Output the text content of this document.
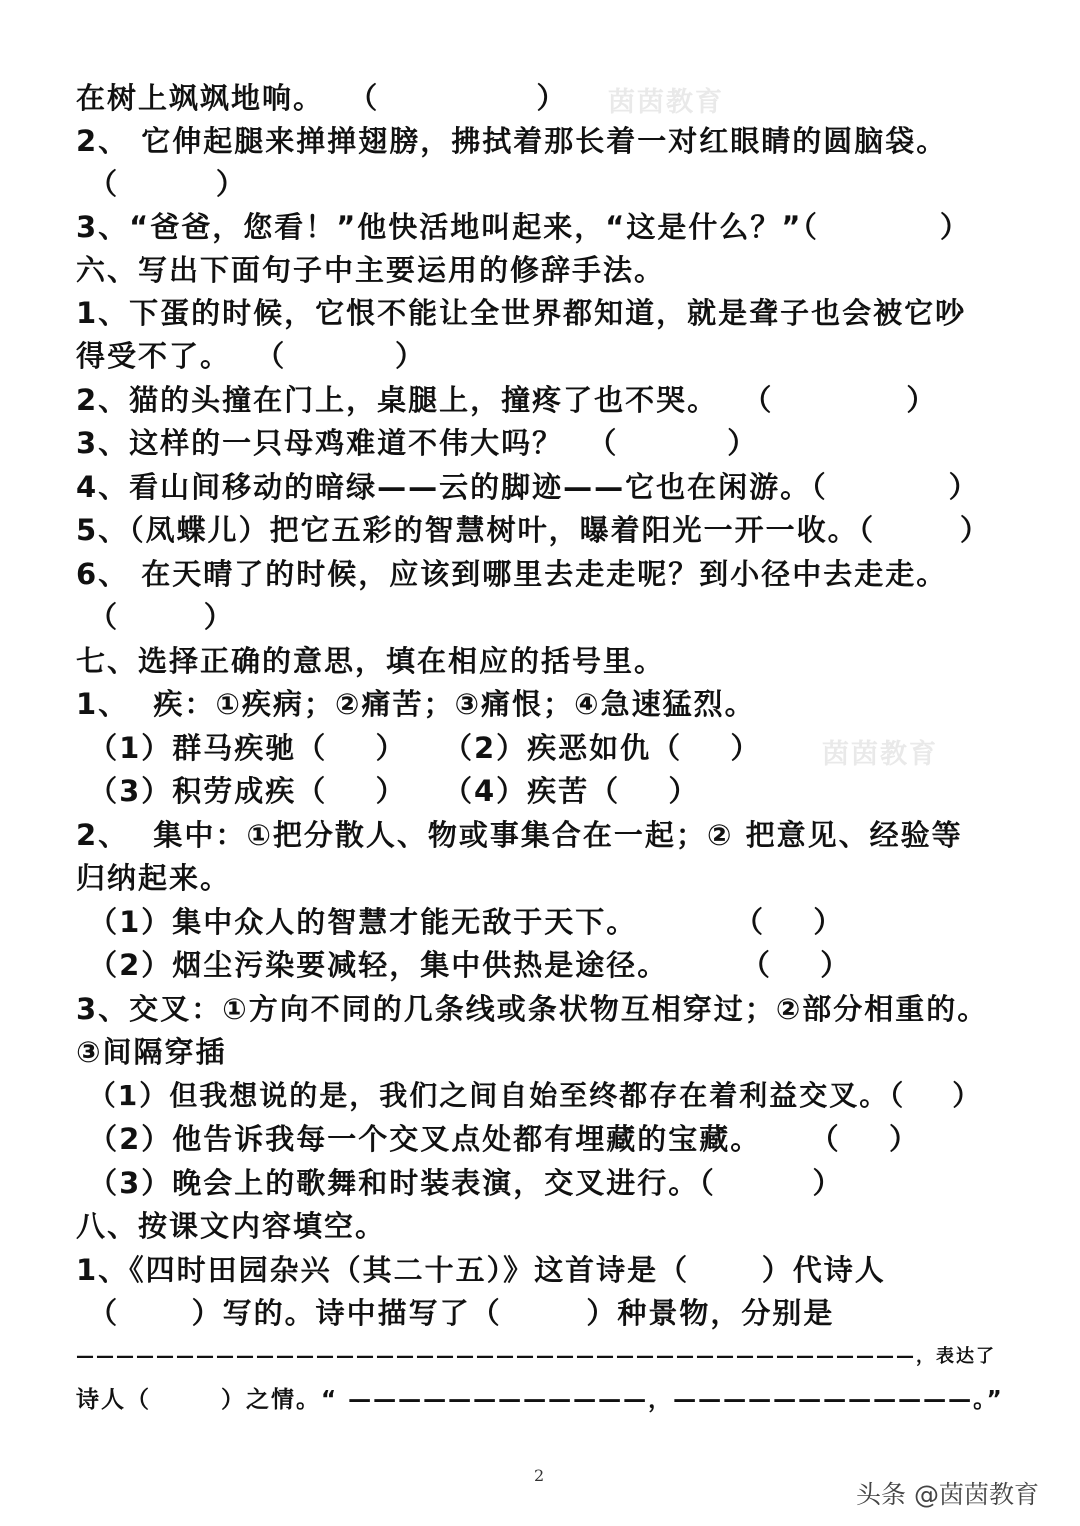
茵茵教育
茵茵教育
在树上飒飒地响。  （             ）
2、 它伸起腿来掸掸翅膀，拂拭着那长着一对红眼睛的圆脑袋。
（        ）
3、“爸爸，您看！”他快活地叫起来，“这是什么？”（          ）
六、写出下面句子中主要运用的修辞手法。
1、下蛋的时候，它恨不能让全世界都知道，就是聋子也会被它吵
得受不了。  （         ）
2、猫的头撞在门上，桌腿上，撞疼了也不哭。  （           ）
3、这样的一只母鸡难道不伟大吗？  （         ）
4、看山间移动的暗绿——云的脚迹——它也在闲游。（          ）
5、（凤蝶儿）把它五彩的智慧树叶，曝着阳光一开一收。（       ）
6、 在天晴了的时候，应该到哪里去走走呢？到小径中去走走。
（       ）
七、选择正确的意思，填在相应的括号里。
1、  疾：①疾病；②痛苦；③痛恨；④急速猛烈。
（1）群马疾驰（    ）   （2）疾恶如仇（    ）
（3）积劳成疾（    ）   （4）疾苦（    ）
2、  集中：①把分散人、物或事集合在一起；② 把意见、经验等
归纳起来。
（1）集中众人的智慧才能无敌于天下。        （    ）
（2）烟尘污染要减轻，集中供热是途径。      （    ）
3、交叉：①方向不同的几条线或条状物互相穿过；②部分相重的。
③间隔穿插
（1）但我想说的是，我们之间自始至终都存在着利益交叉。（    ）
（2）他告诉我每一个交叉点处都有埋藏的宝藏。    （    ）
（3）晚会上的歌舞和时装表演，交叉进行。（        ）
八、按课文内容填空。
1、《四时田园杂兴（其二十五）》这首诗是（      ）代诗人
（      ）写的。诗中描写了（       ）种景物，分别是
——————————————————————————————————————————，表达了
诗人（       ）之情。“ ————————————，————————————。”
2
头条 @茵茵教育
